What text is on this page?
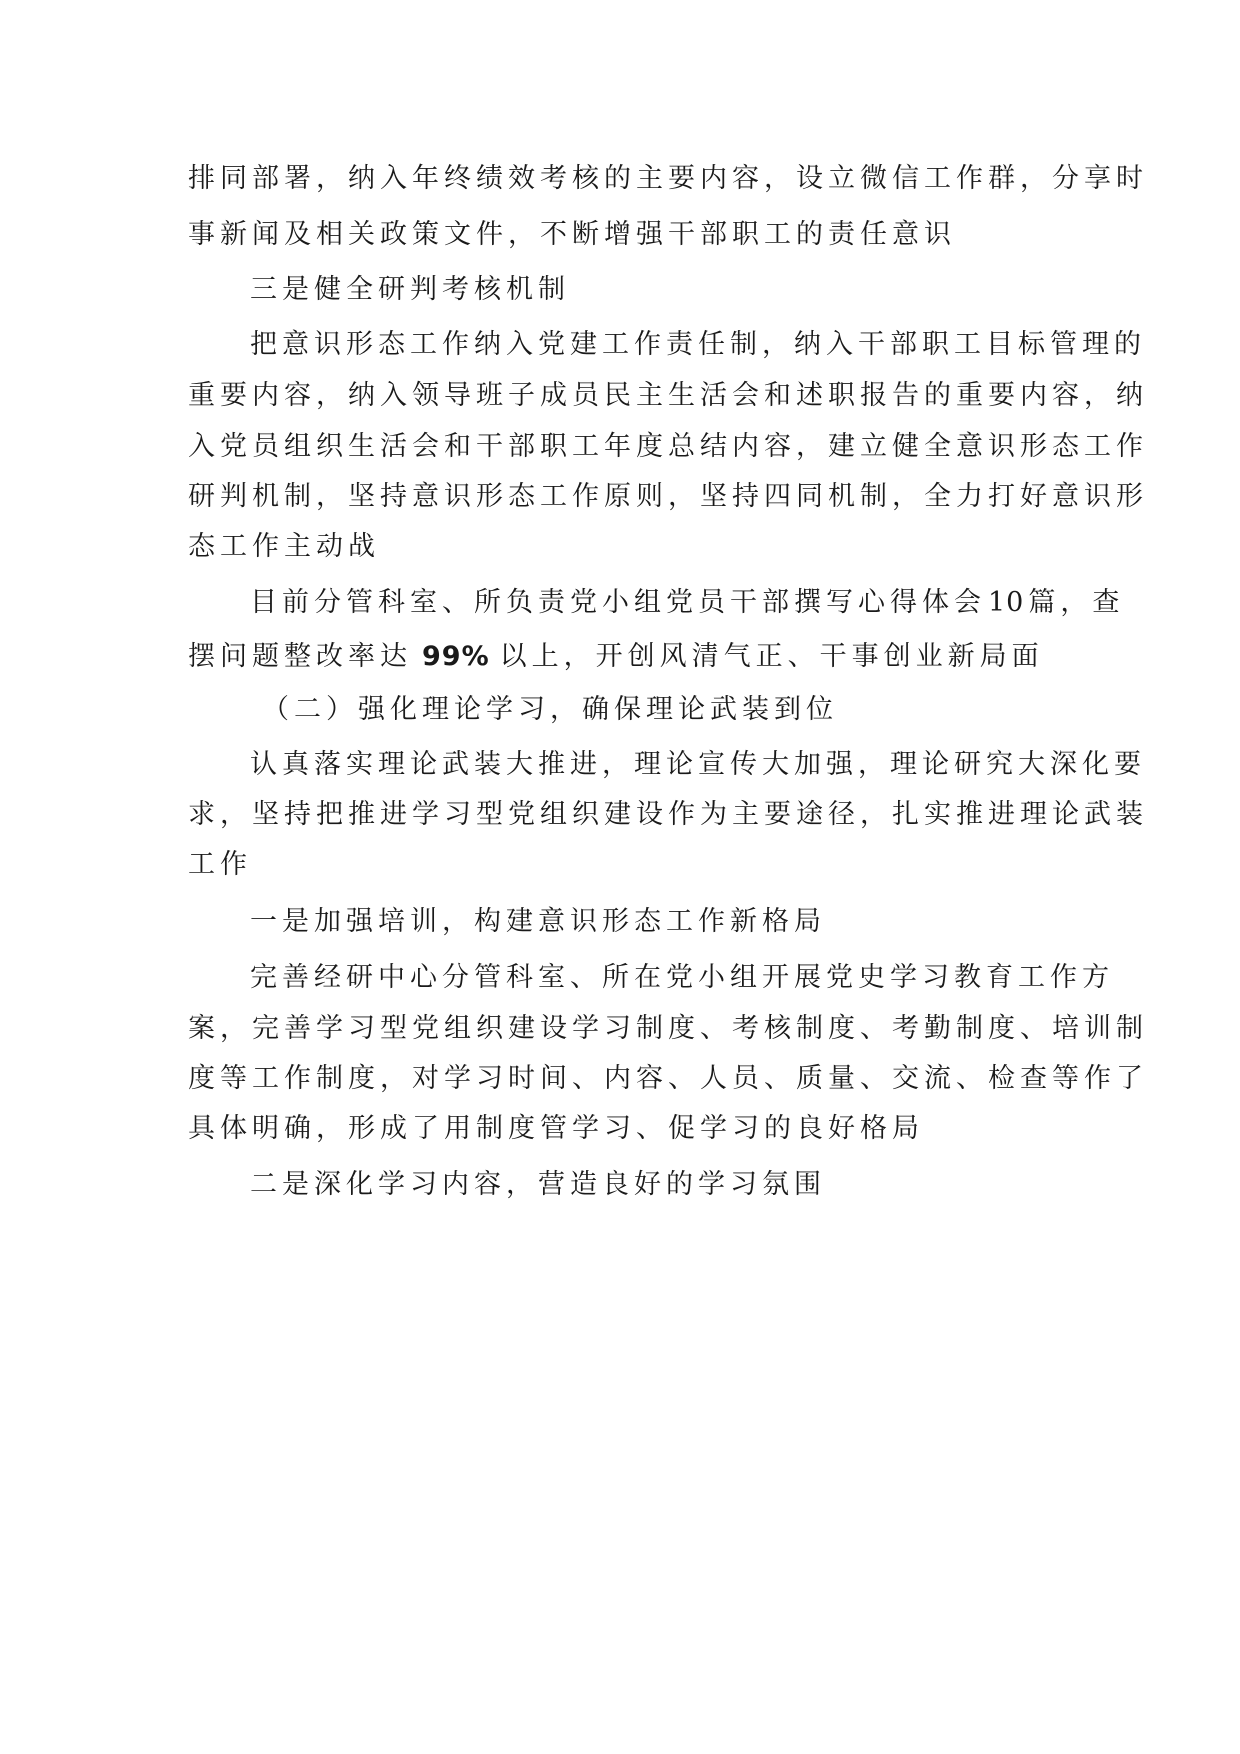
排同部署，纳入年终绩效考核的主要内容，设立微信工作群，分享时

事新闻及相关政策文件，不断增强干部职工的责任意识

三是健全研判考核机制

把意识形态工作纳入党建工作责任制，纳入干部职工目标管理的

重要内容，纳入领导班子成员民主生活会和述职报告的重要内容，纳

入党员组织生活会和干部职工年度总结内容，建立健全意识形态工作

研判机制，坚持意识形态工作原则，坚持四同机制，全力打好意识形

态工作主动战

目前分管科室、所负责党小组党员干部撰写心得体会10 篇，查

摆问题整改率达 99% 以上，开创风清气正、干事创业新局面

（二）强化理论学习，确保理论武装到位

认真落实理论武装大推进，理论宣传大加强，理论研究大深化要

求，坚持把推进学习型党组织建设作为主要途径，扎实推进理论武装

工作

一是加强培训，构建意识形态工作新格局

完善经研中心分管科室、所在党小组开展党史学习教育工作方

案，完善学习型党组织建设学习制度、考核制度、考勤制度、培训制

度等工作制度，对学习时间、内容、人员、质量、交流、检查等作了

具体明确，形成了用制度管学习、促学习的良好格局

二是深化学习内容，营造良好的学习氛围
